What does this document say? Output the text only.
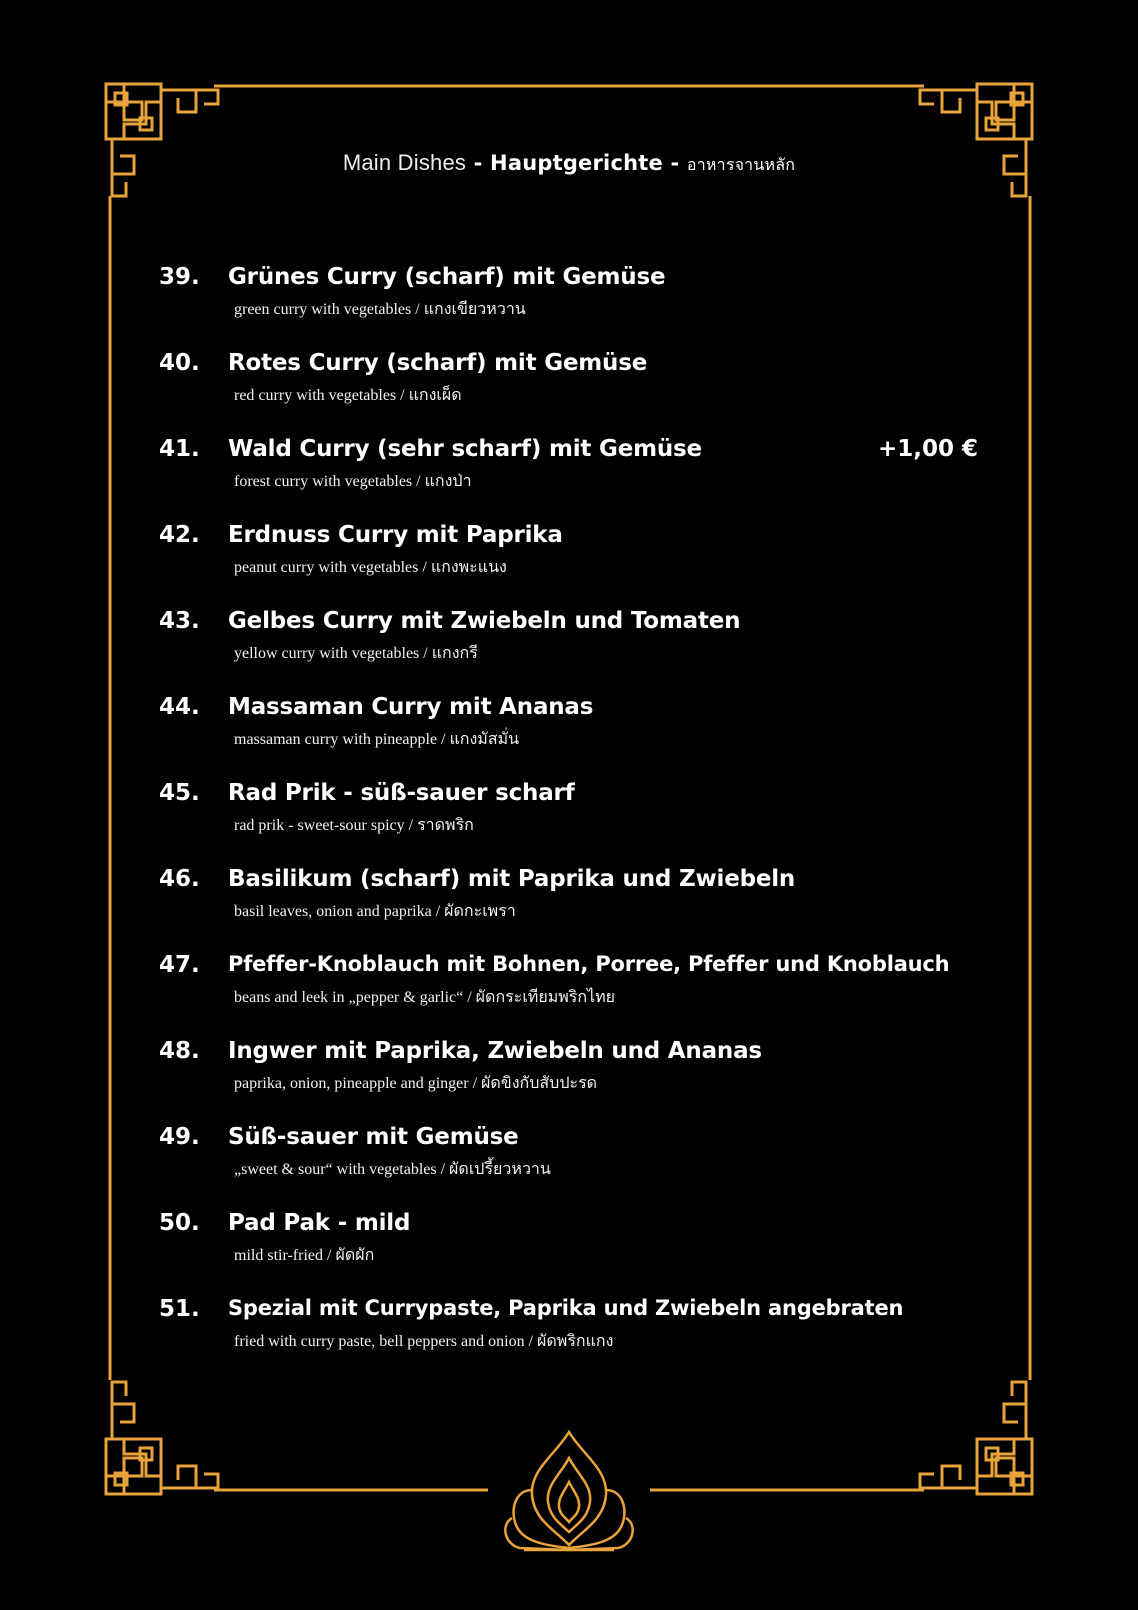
Main Dishes - Hauptgerichte - อาหารจานหลัก
39. Grünes Curry (scharf) mit Gemüse
green curry with vegetables / แกงเขียวหวาน
40. Rotes Curry (scharf) mit Gemüse
red curry with vegetables / แกงเผ็ด
41. Wald Curry (sehr scharf) mit Gemüse	+1,00 €
forest curry with vegetables / แกงป่า
42. Erdnuss Curry mit Paprika
peanut curry with vegetables / แกงพะแนง
43. Gelbes Curry mit Zwiebeln und Tomaten
yellow curry with vegetables / แกงกรี
44. Massaman Curry mit Ananas
massaman curry with pineapple / แกงมัสมั่น
45. Rad Prik - süß-sauer scharf
rad prik - sweet-sour spicy / ราดพริก
46. Basilikum (scharf) mit Paprika und Zwiebeln
basil leaves, onion and paprika / ผัดกะเพรา
47. Pfeffer-Knoblauch mit Bohnen, Porree, Pfeffer und Knoblauch
beans and leek in „pepper & garlic“ / ผัดกระเทียมพริกไทย
48. Ingwer mit Paprika, Zwiebeln und Ananas
paprika, onion, pineapple and ginger / ผัดขิงกับสับปะรด
49. Süß-sauer mit Gemüse
„sweet & sour“ with vegetables / ผัดเปรี้ยวหวาน
50. Pad Pak - mild
mild stir-fried / ผัดผัก
51. Spezial mit Currypaste, Paprika und Zwiebeln angebraten
fried with curry paste, bell peppers and onion / ผัดพริกแกง
